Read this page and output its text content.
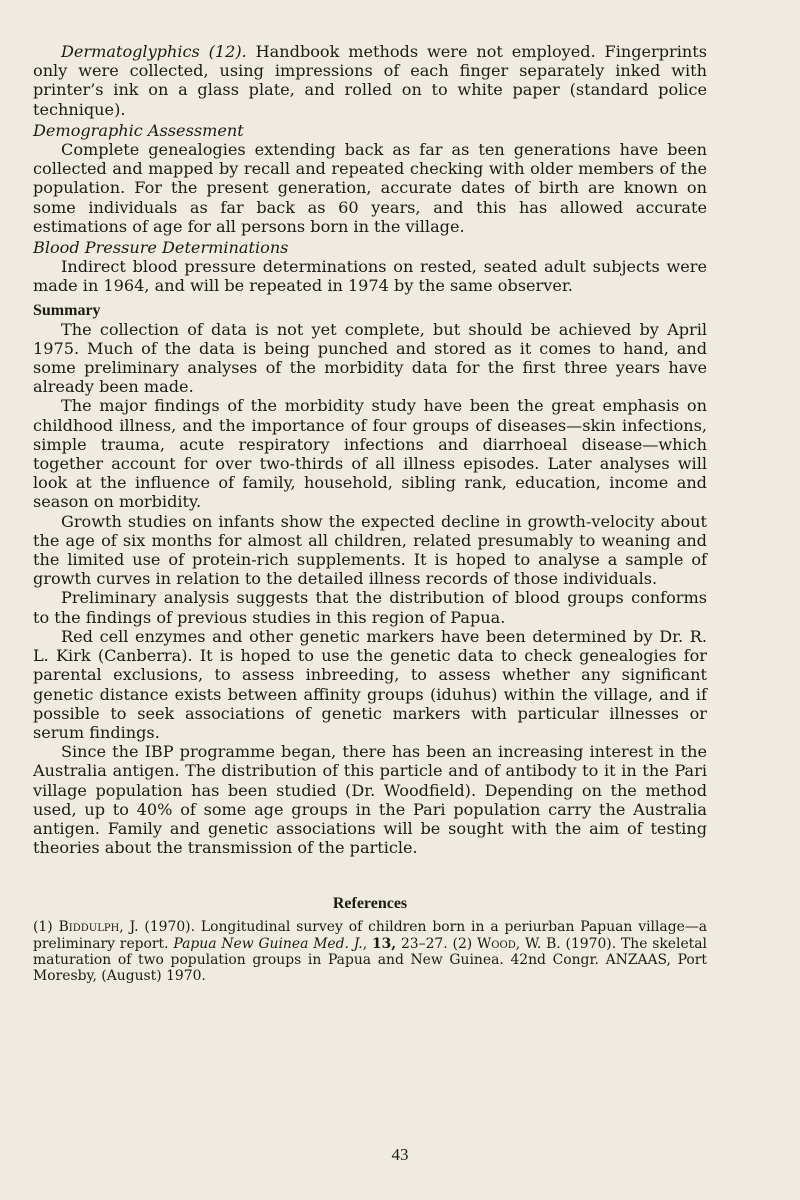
Dermatoglyphics (12). Handbook methods were not employed. Fingerprints only were collected, using impressions of each finger separately inked with printer’s ink on a glass plate, and rolled on to white paper (standard police technique).

Demographic Assessment

Complete genealogies extending back as far as ten generations have been collected and mapped by recall and repeated checking with older members of the population. For the present generation, accurate dates of birth are known on some individuals as far back as 60 years, and this has allowed accurate estimations of age for all persons born in the village.

Blood Pressure Determinations

Indirect blood pressure determinations on rested, seated adult subjects were made in 1964, and will be repeated in 1974 by the same observer.

Summary

The collection of data is not yet complete, but should be achieved by April 1975. Much of the data is being punched and stored as it comes to hand, and some preliminary analyses of the morbidity data for the first three years have already been made.

The major findings of the morbidity study have been the great emphasis on childhood illness, and the importance of four groups of diseases—skin infections, simple trauma, acute respiratory infections and diarrhoeal disease—which together account for over two-thirds of all illness episodes. Later analyses will look at the influence of family, household, sibling rank, education, income and season on morbidity.

Growth studies on infants show the expected decline in growth-velocity about the age of six months for almost all children, related presumably to weaning and the limited use of protein-rich supplements. It is hoped to analyse a sample of growth curves in relation to the detailed illness records of those individuals.

Preliminary analysis suggests that the distribution of blood groups conforms to the findings of previous studies in this region of Papua.

Red cell enzymes and other genetic markers have been determined by Dr. R. L. Kirk (Canberra). It is hoped to use the genetic data to check genealogies for parental exclusions, to assess inbreeding, to assess whether any significant genetic distance exists between affinity groups (iduhus) within the village, and if possible to seek associations of genetic markers with particular illnesses or serum findings.

Since the IBP programme began, there has been an increasing interest in the Australia antigen. The distribution of this particle and of antibody to it in the Pari village population has been studied (Dr. Woodfield). Depending on the method used, up to 40% of some age groups in the Pari population carry the Australia antigen. Family and genetic associations will be sought with the aim of testing theories about the transmission of the particle.

References

(1) Biddulph, J. (1970). Longitudinal survey of children born in a periurban Papuan village—a preliminary report. Papua New Guinea Med. J., 13, 23–27. (2) Wood, W. B. (1970). The skeletal maturation of two population groups in Papua and New Guinea. 42nd Congr. ANZAAS, Port Moresby, (August) 1970.

43
